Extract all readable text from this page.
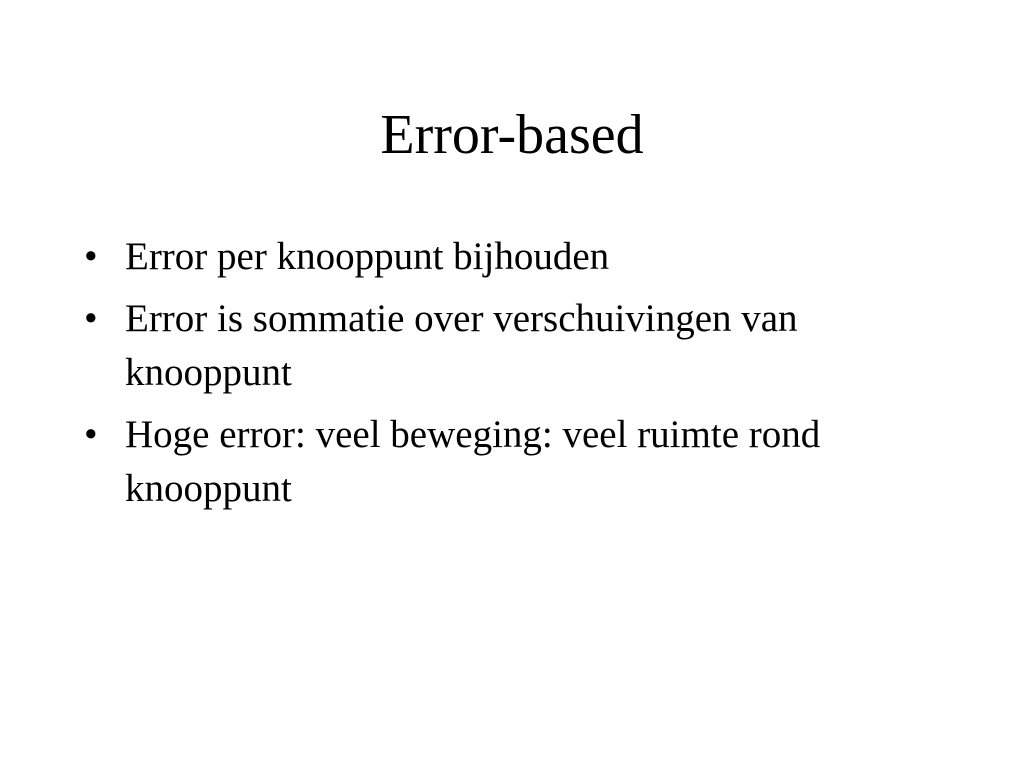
Error-based
• Error per knooppunt bijhouden
• Error is sommatie over verschuivingen van knooppunt
• Hoge error: veel beweging: veel ruimte rond knooppunt
